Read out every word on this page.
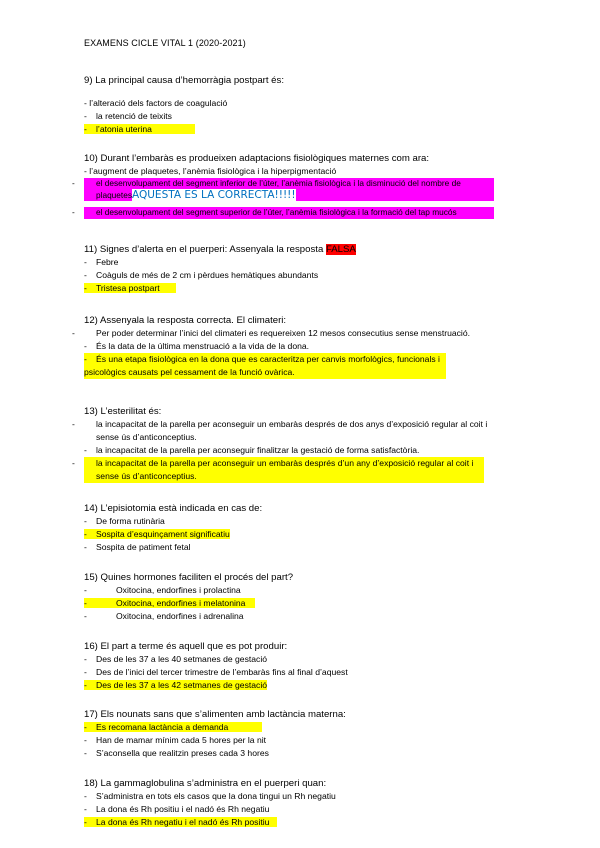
EXAMENS CICLE VITAL 1 (2020-2021)
9) La principal causa d’hemorràgia postpart és:
- l’alteració dels factors de coagulació
- la retenció de teixits
- l’atonia uterina
10) Durant l’embaràs es produeixen adaptacions fisiològiques maternes com ara:
- l’augment de plaquetes, l’anèmia fisiològica i la hiperpigmentació
-	el desenvolupament del segment inferior de l’úter, l’anèmia fisiològica i la disminució del nombre de plaquetesAQUESTA ES LA CORRECTA!!!!!
-	el desenvolupament del segment superior de l’úter, l’anèmia fisiològica i la formació del tap mucós
11) Signes d’alerta en el puerperi: Assenyala la resposta FALSA
- Febre
- Coàguls de més de 2 cm i pèrdues hemàtiques abundants
- Tristesa postpart
12) Assenyala la resposta correcta. El climateri:
- Per poder determinar l’inici del climateri es requereixen 12 mesos consecutius sense menstruació.
- És la data de la última menstruació a la vida de la dona.
- És una etapa fisiològica en la dona que es caracteritza per canvis morfològics, funcionals i psicològics causats pel cessament de la funció ovàrica.
13) L’esterilitat és:
- la incapacitat de la parella per aconseguir un embaràs després de dos anys d’exposició regular al coit i sense ús d’anticonceptius.
- la incapacitat de la parella per aconseguir finalitzar la gestació de forma satisfactòria.
- la incapacitat de la parella per aconseguir un embaràs després d’un any d’exposició regular al coit i sense ús d’anticonceptius.
14) L’episiotomia està indicada en cas de:
- De forma rutinària
- Sospita d’esquinçament significatiu
- Sospita de patiment fetal
15) Quines hormones faciliten el procés del part?
-	Oxitocina, endorfines i prolactina
-	Oxitocina, endorfines i melatonina
-	Oxitocina, endorfines i adrenalina
16) El part a terme és aquell que es pot produir:
- Des de les 37 a les 40 setmanes de gestació
- Des de l’inici del tercer trimestre de l’embaràs fins al final d’aquest
- Des de les 37 a les 42 setmanes de gestació
17) Els nounats sans que s’alimenten amb lactància materna:
- Es recomana lactància a demanda
- Han de mamar mínim cada 5 hores per la nit
- S’aconsella que realitzin preses cada 3 hores
18) La gammaglobulina s’administra en el puerperi quan:
- S’administra en tots els casos que la dona tingui un Rh negatiu
- La dona és Rh positiu i el nadó és Rh negatiu
- La dona és Rh negatiu i el nadó és Rh positiu
